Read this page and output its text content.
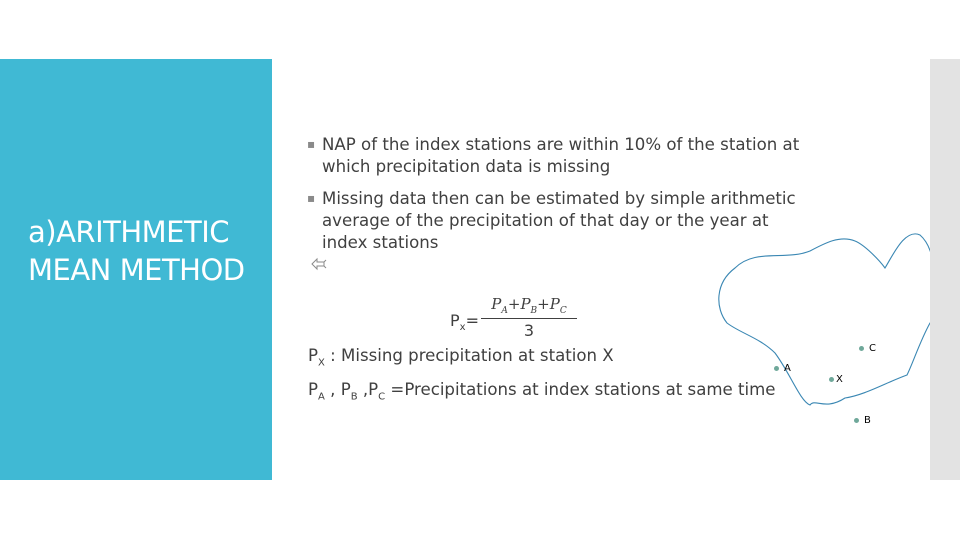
a)ARITHMETIC MEAN METHOD
▪ NAP of the index stations are within 10% of the station at which precipitation data is missing
▪ Missing data then can be estimated by simple arithmetic average of the precipitation of that day or the year at index stations
$P_x=$
$P_A+P_B+P_C$
3
$P_X$ : Missing precipitation at station X
$P_A$ , $P_B$ $,P_C$ =Precipitations at index stations at same time
A
C
X
B
